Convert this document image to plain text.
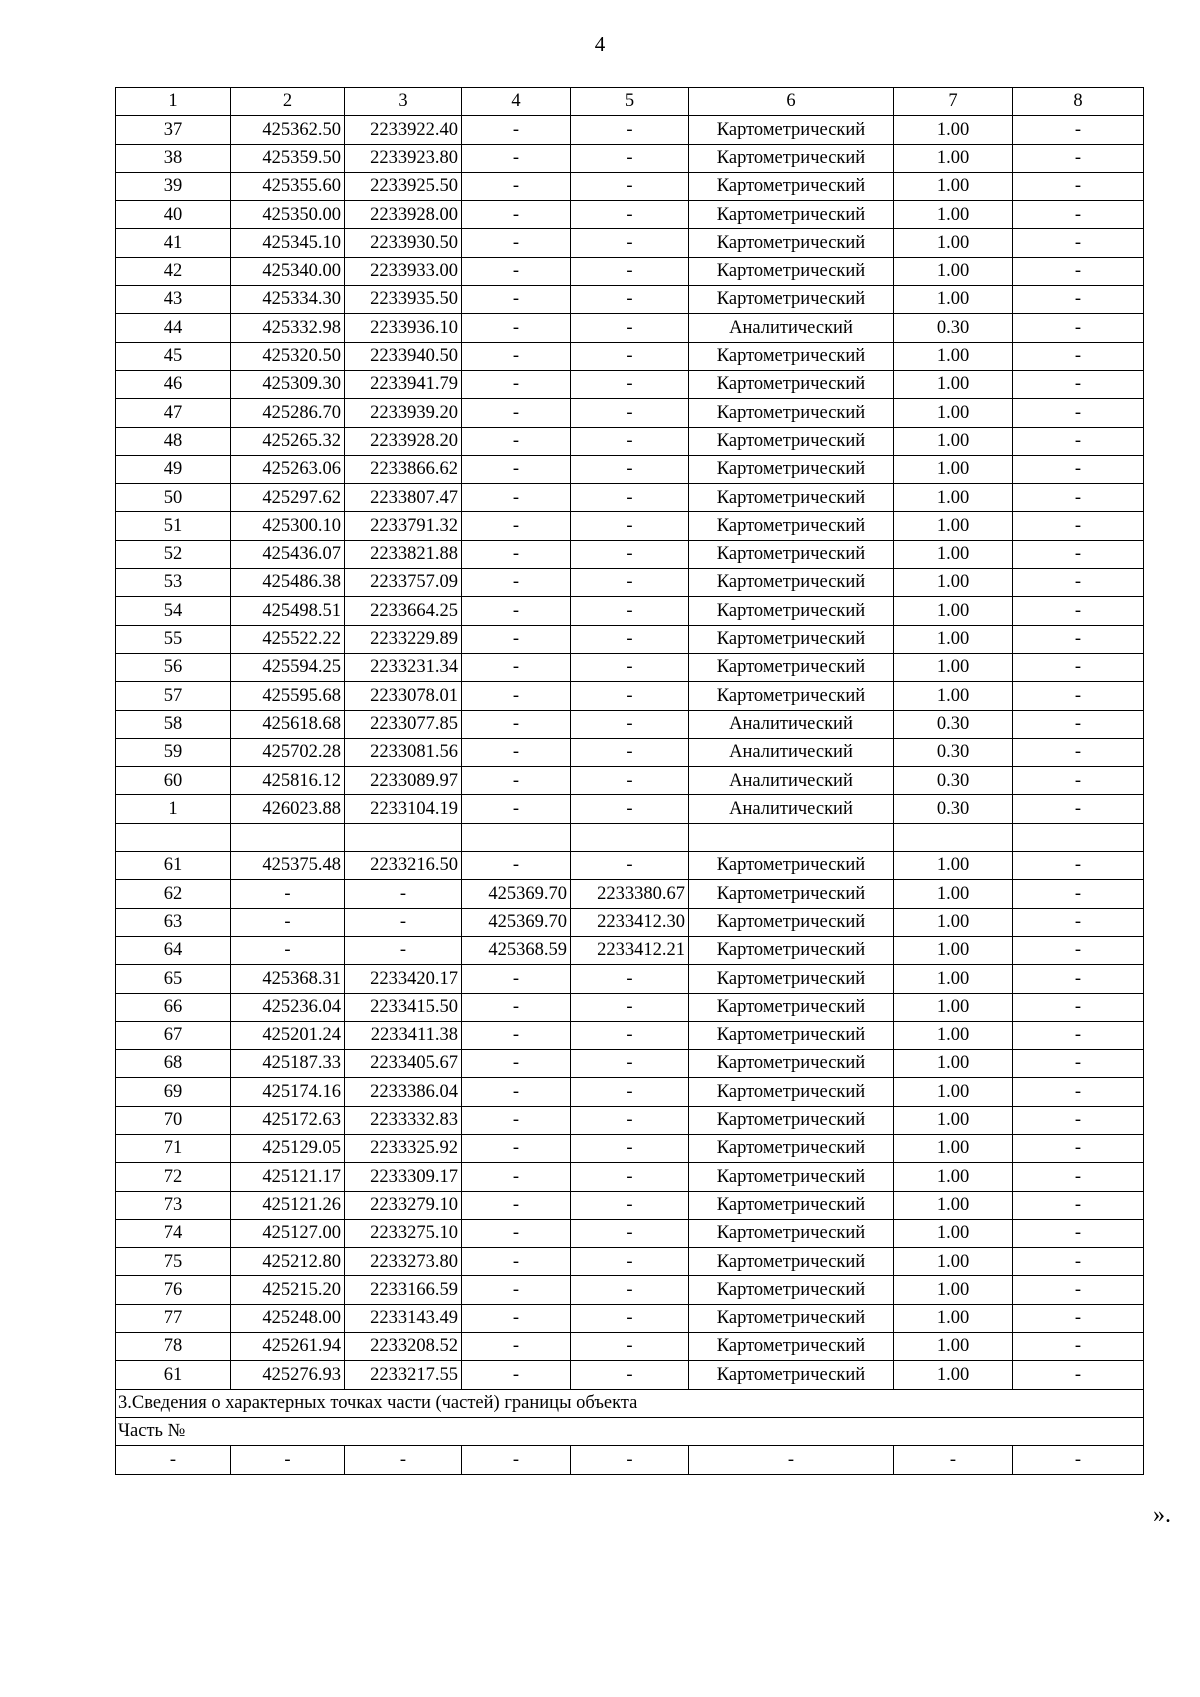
4
1	2	3	4	5	6	7	8
37	425362.50	2233922.40	-	-	Картометрический	1.00	-
38	425359.50	2233923.80	-	-	Картометрический	1.00	-
39	425355.60	2233925.50	-	-	Картометрический	1.00	-
40	425350.00	2233928.00	-	-	Картометрический	1.00	-
41	425345.10	2233930.50	-	-	Картометрический	1.00	-
42	425340.00	2233933.00	-	-	Картометрический	1.00	-
43	425334.30	2233935.50	-	-	Картометрический	1.00	-
44	425332.98	2233936.10	-	-	Аналитический	0.30	-
45	425320.50	2233940.50	-	-	Картометрический	1.00	-
46	425309.30	2233941.79	-	-	Картометрический	1.00	-
47	425286.70	2233939.20	-	-	Картометрический	1.00	-
48	425265.32	2233928.20	-	-	Картометрический	1.00	-
49	425263.06	2233866.62	-	-	Картометрический	1.00	-
50	425297.62	2233807.47	-	-	Картометрический	1.00	-
51	425300.10	2233791.32	-	-	Картометрический	1.00	-
52	425436.07	2233821.88	-	-	Картометрический	1.00	-
53	425486.38	2233757.09	-	-	Картометрический	1.00	-
54	425498.51	2233664.25	-	-	Картометрический	1.00	-
55	425522.22	2233229.89	-	-	Картометрический	1.00	-
56	425594.25	2233231.34	-	-	Картометрический	1.00	-
57	425595.68	2233078.01	-	-	Картометрический	1.00	-
58	425618.68	2233077.85	-	-	Аналитический	0.30	-
59	425702.28	2233081.56	-	-	Аналитический	0.30	-
60	425816.12	2233089.97	-	-	Аналитический	0.30	-
1	426023.88	2233104.19	-	-	Аналитический	0.30	-

61	425375.48	2233216.50	-	-	Картометрический	1.00	-
62	-	-	425369.70	2233380.67	Картометрический	1.00	-
63	-	-	425369.70	2233412.30	Картометрический	1.00	-
64	-	-	425368.59	2233412.21	Картометрический	1.00	-
65	425368.31	2233420.17	-	-	Картометрический	1.00	-
66	425236.04	2233415.50	-	-	Картометрический	1.00	-
67	425201.24	2233411.38	-	-	Картометрический	1.00	-
68	425187.33	2233405.67	-	-	Картометрический	1.00	-
69	425174.16	2233386.04	-	-	Картометрический	1.00	-
70	425172.63	2233332.83	-	-	Картометрический	1.00	-
71	425129.05	2233325.92	-	-	Картометрический	1.00	-
72	425121.17	2233309.17	-	-	Картометрический	1.00	-
73	425121.26	2233279.10	-	-	Картометрический	1.00	-
74	425127.00	2233275.10	-	-	Картометрический	1.00	-
75	425212.80	2233273.80	-	-	Картометрический	1.00	-
76	425215.20	2233166.59	-	-	Картометрический	1.00	-
77	425248.00	2233143.49	-	-	Картометрический	1.00	-
78	425261.94	2233208.52	-	-	Картометрический	1.00	-
61	425276.93	2233217.55	-	-	Картометрический	1.00	-
3.Сведения о характерных точках части (частей) границы объекта							
Часть №							
-	-	-	-	-	-	-	-
».
